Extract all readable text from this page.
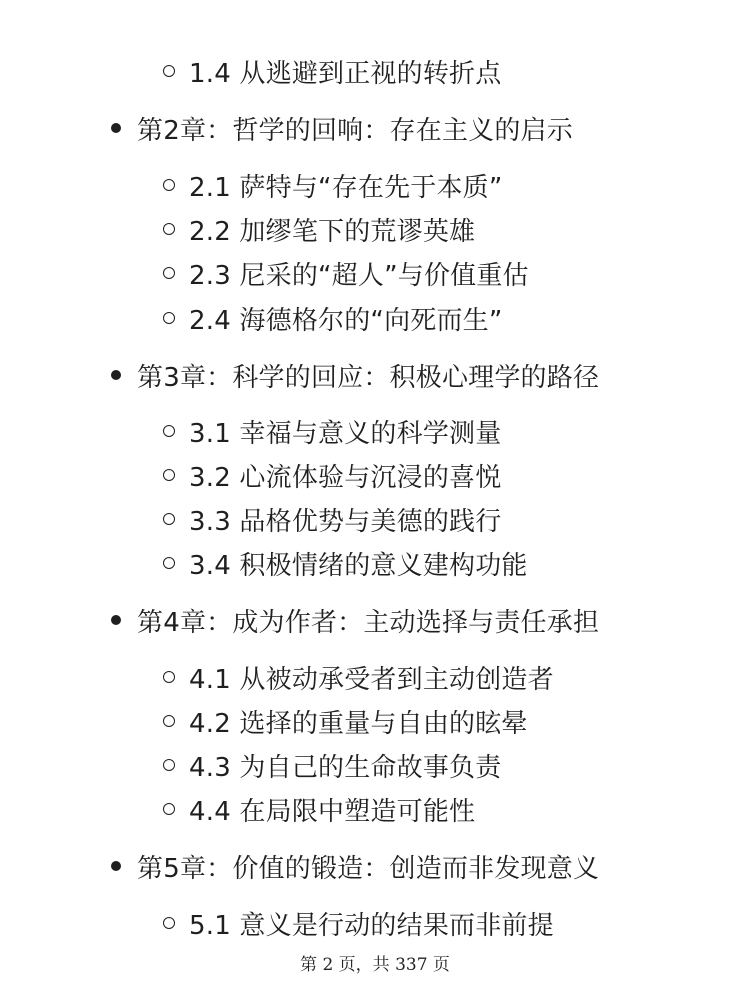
1.4 从逃避到正视的转折点
第2章：哲学的回响：存在主义的启示
2.1 萨特与“存在先于本质”
2.2 加缪笔下的荒谬英雄
2.3 尼采的“超人”与价值重估
2.4 海德格尔的“向死而生”
第3章：科学的回应：积极心理学的路径
3.1 幸福与意义的科学测量
3.2 心流体验与沉浸的喜悦
3.3 品格优势与美德的践行
3.4 积极情绪的意义建构功能
第4章：成为作者：主动选择与责任承担
4.1 从被动承受者到主动创造者
4.2 选择的重量与自由的眩晕
4.3 为自己的生命故事负责
4.4 在局限中塑造可能性
第5章：价值的锻造：创造而非发现意义
5.1 意义是行动的结果而非前提
第 2 页，共 337 页
